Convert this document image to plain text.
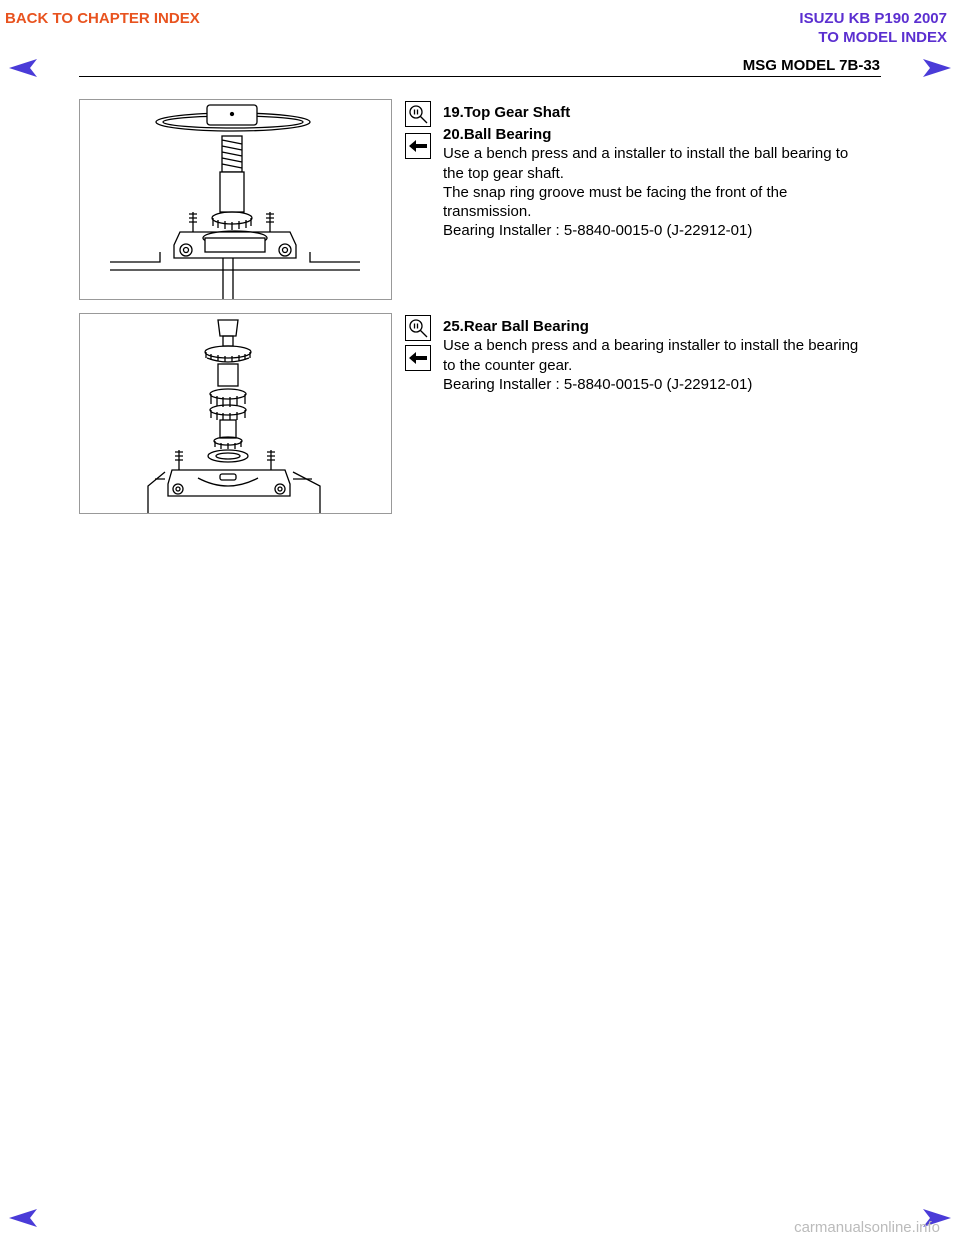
BACK TO CHAPTER INDEX	ISUZU KB P190 2007
TO MODEL INDEX
MSG MODEL 7B-33

19.Top Gear Shaft

20.Ball Bearing

Use a bench press and a installer to install the ball bearing to

the top gear shaft.

The snap ring groove must be facing the front of the

transmission.

Bearing Installer : 5-8840-0015-0 (J-22912-01)

25.Rear Ball Bearing

Use a bench press and a bearing installer to install the bearing

to the counter gear.

Bearing Installer : 5-8840-0015-0 (J-22912-01)

carmanualsonline.info
